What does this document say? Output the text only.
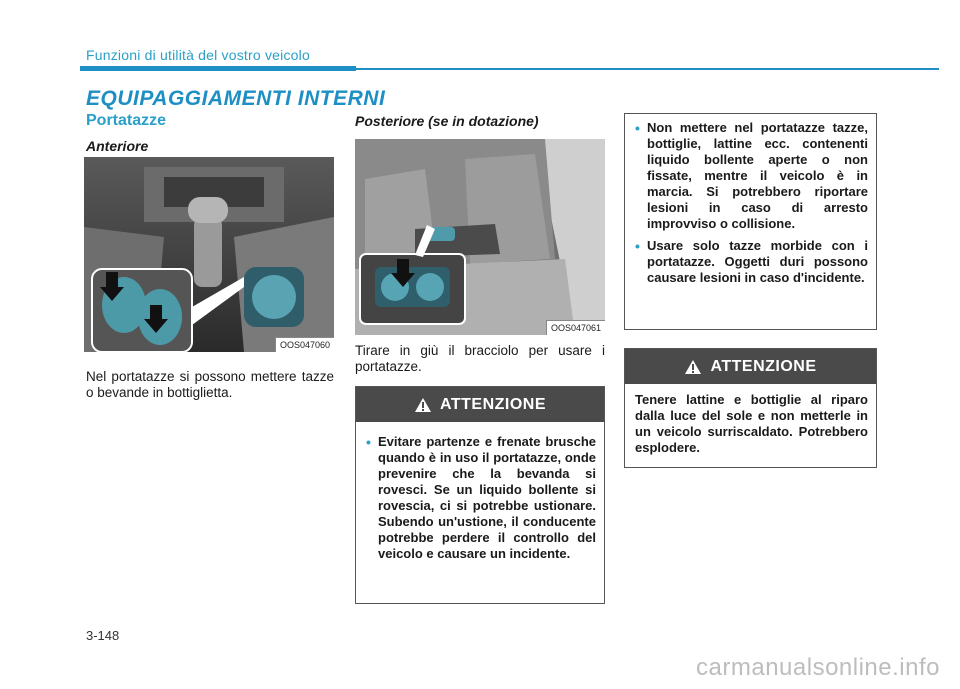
Funzioni di utilità del vostro veicolo
EQUIPAGGIAMENTI INTERNI
Portatazze
Anteriore
OOS047060
Nel portatazze si possono mettere tazze o bevande in bottiglietta.
Posteriore (se in dotazione)
OOS047061
Tirare in giù il bracciolo per usare i portatazze.
ATTENZIONE
• Evitare partenze e frenate brusche quando è in uso il portatazze, onde prevenire che la bevanda si rovesci. Se un liquido bollente si rovescia, ci si potrebbe ustionare. Subendo un'ustione, il conducente potrebbe perdere il controllo del veicolo e causare un incidente.
• Non mettere nel portatazze tazze, bottiglie, lattine ecc. contenenti liquido bollente aperte o non fissate, mentre il veicolo è in marcia. Si potrebbero riportare lesioni in caso di arresto improvviso o collisione.
• Usare solo tazze morbide con i portatazze. Oggetti duri possono causare lesioni in caso d'incidente.
ATTENZIONE
Tenere lattine e bottiglie al riparo dalla luce del sole e non metterle in un veicolo surriscaldato. Potrebbero esplodere.
3-148
carmanualsonline.info
